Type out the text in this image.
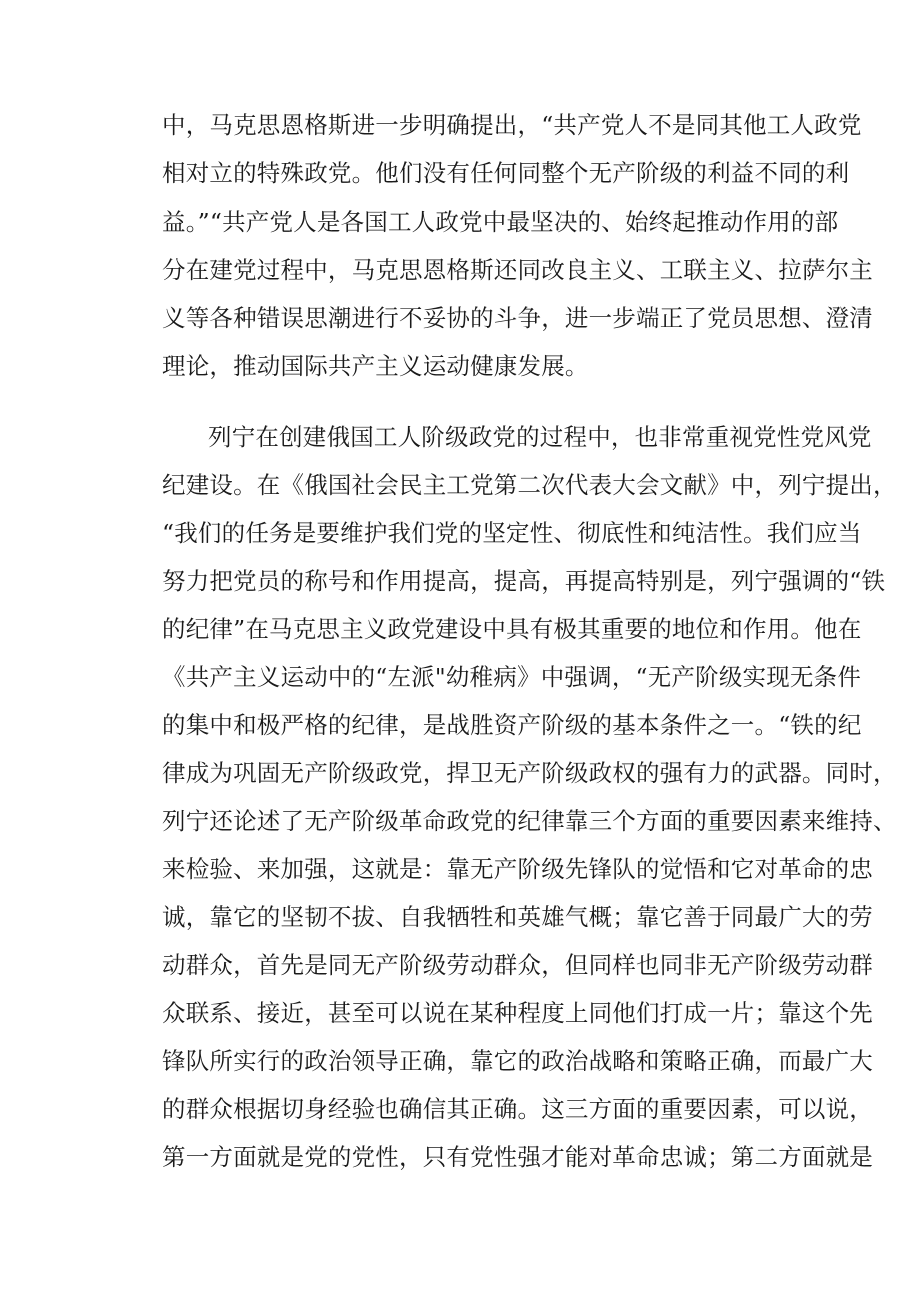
中，马克思恩格斯进一步明确提出，“共产党人不是同其他工人政党
相对立的特殊政党。他们没有任何同整个无产阶级的利益不同的利
益。”“共产党人是各国工人政党中最坚决的、始终起推动作用的部
分在建党过程中，马克思恩格斯还同改良主义、工联主义、拉萨尔主
义等各种错误思潮进行不妥协的斗争，进一步端正了党员思想、澄清
理论，推动国际共产主义运动健康发展。
列宁在创建俄国工人阶级政党的过程中，也非常重视党性党风党
纪建设。在《俄国社会民主工党第二次代表大会文献》中，列宁提出，
“我们的任务是要维护我们党的坚定性、彻底性和纯洁性。我们应当
努力把党员的称号和作用提高，提高，再提高特别是，列宁强调的“铁
的纪律”在马克思主义政党建设中具有极其重要的地位和作用。他在
《共产主义运动中的“左派"幼稚病》中强调，“无产阶级实现无条件
的集中和极严格的纪律，是战胜资产阶级的基本条件之一。“铁的纪
律成为巩固无产阶级政党，捍卫无产阶级政权的强有力的武器。同时，
列宁还论述了无产阶级革命政党的纪律靠三个方面的重要因素来维持、
来检验、来加强，这就是：靠无产阶级先锋队的觉悟和它对革命的忠
诚，靠它的坚韧不拔、自我牺牲和英雄气概；靠它善于同最广大的劳
动群众，首先是同无产阶级劳动群众，但同样也同非无产阶级劳动群
众联系、接近，甚至可以说在某种程度上同他们打成一片；靠这个先
锋队所实行的政治领导正确，靠它的政治战略和策略正确，而最广大
的群众根据切身经验也确信其正确。这三方面的重要因素，可以说，
第一方面就是党的党性，只有党性强才能对革命忠诚；第二方面就是
